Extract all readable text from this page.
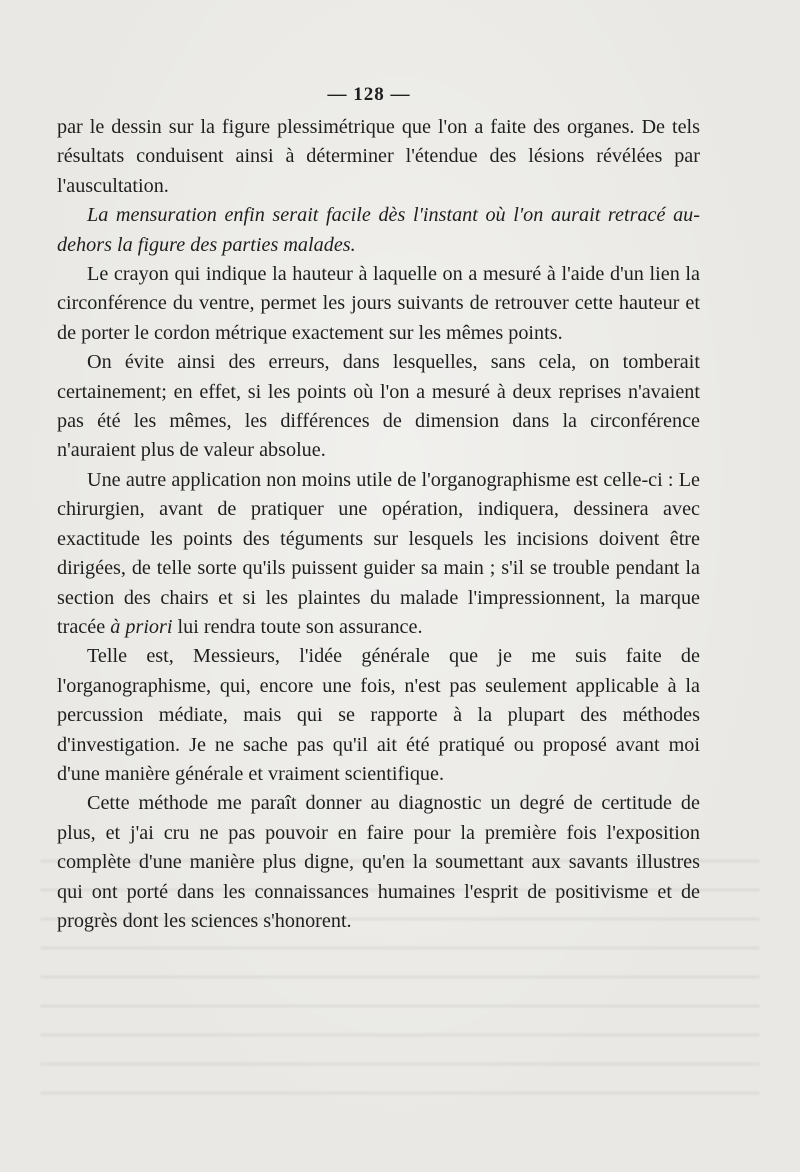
— 128 —

par le dessin sur la figure plessimétrique que l'on a faite des organes. De tels résultats conduisent ainsi à déterminer l'étendue des lésions révélées par l'auscultation.

La mensuration enfin serait facile dès l'instant où l'on aurait retracé au-dehors la figure des parties malades.

Le crayon qui indique la hauteur à laquelle on a mesuré à l'aide d'un lien la circonférence du ventre, permet les jours suivants de retrouver cette hauteur et de porter le cordon métrique exactement sur les mêmes points.

On évite ainsi des erreurs, dans lesquelles, sans cela, on tomberait certainement; en effet, si les points où l'on a mesuré à deux reprises n'avaient pas été les mêmes, les différences de dimension dans la circonférence n'auraient plus de valeur absolue.

Une autre application non moins utile de l'organographisme est celle-ci : Le chirurgien, avant de pratiquer une opération, indiquera, dessinera avec exactitude les points des téguments sur lesquels les incisions doivent être dirigées, de telle sorte qu'ils puissent guider sa main ; s'il se trouble pendant la section des chairs et si les plaintes du malade l'impressionnent, la marque tracée à priori lui rendra toute son assurance.

Telle est, Messieurs, l'idée générale que je me suis faite de l'organographisme, qui, encore une fois, n'est pas seulement applicable à la percussion médiate, mais qui se rapporte à la plupart des méthodes d'investigation. Je ne sache pas qu'il ait été pratiqué ou proposé avant moi d'une manière générale et vraiment scientifique.

Cette méthode me paraît donner au diagnostic un degré de certitude de plus, et j'ai cru ne pas pouvoir en faire pour la première fois l'exposition complète d'une manière plus digne, qu'en la soumettant aux savants illustres qui ont porté dans les connaissances humaines l'esprit de positivisme et de progrès dont les sciences s'honorent.
